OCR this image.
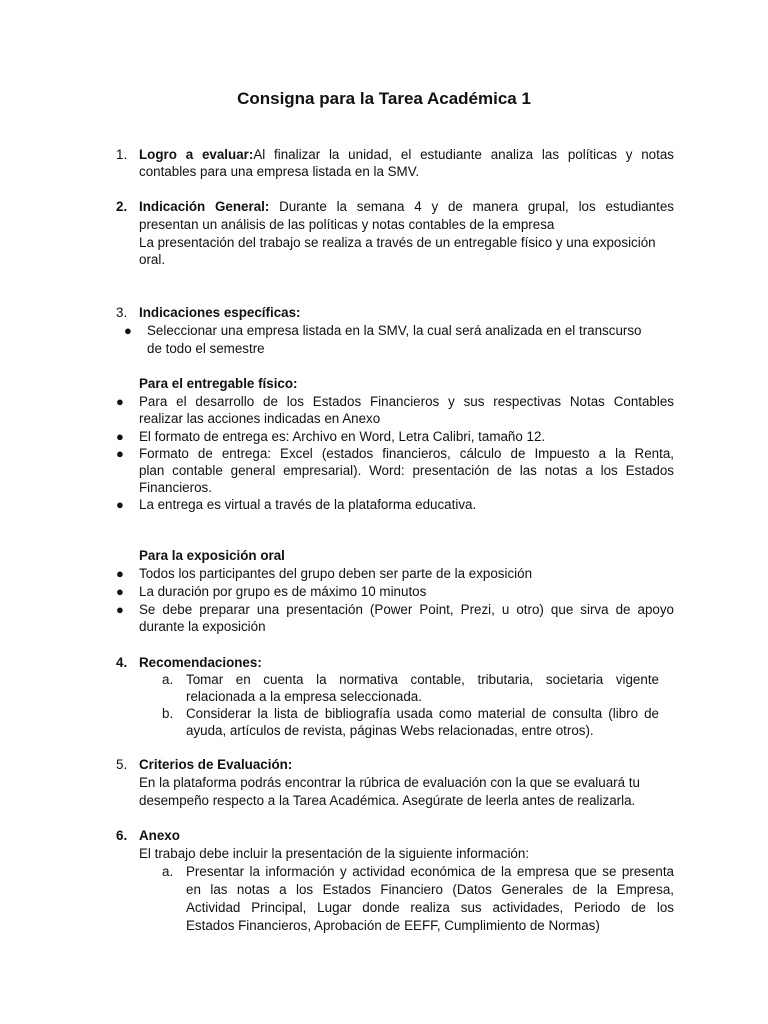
Consigna para la Tarea Académica 1
1. Logro a evaluar:Al finalizar la unidad, el estudiante analiza las políticas y notas
contables para una empresa listada en la SMV.
2. Indicación General: Durante la semana 4 y de manera grupal, los estudiantes
presentan un análisis de las políticas y notas contables de la empresa
La presentación del trabajo se realiza a través de un entregable físico y una exposición
oral.
3. Indicaciones específicas:
● Seleccionar una empresa listada en la SMV, la cual será analizada en el transcurso
de todo el semestre
Para el entregable físico:
● Para el desarrollo de los Estados Financieros y sus respectivas Notas Contables
realizar las acciones indicadas en Anexo
● El formato de entrega es: Archivo en Word, Letra Calibri, tamaño 12.
● Formato de entrega: Excel (estados financieros, cálculo de Impuesto a la Renta,
plan contable general empresarial). Word: presentación de las notas a los Estados
Financieros.
● La entrega es virtual a través de la plataforma educativa.
Para la exposición oral
● Todos los participantes del grupo deben ser parte de la exposición
● La duración por grupo es de máximo 10 minutos
● Se debe preparar una presentación (Power Point, Prezi, u otro) que sirva de apoyo
durante la exposición
4. Recomendaciones:
a. Tomar en cuenta la normativa contable, tributaria, societaria vigente
relacionada a la empresa seleccionada.
b. Considerar la lista de bibliografía usada como material de consulta (libro de
ayuda, artículos de revista, páginas Webs relacionadas, entre otros).
5. Criterios de Evaluación:
En la plataforma podrás encontrar la rúbrica de evaluación con la que se evaluará tu
desempeño respecto a la Tarea Académica. Asegúrate de leerla antes de realizarla.
6. Anexo
El trabajo debe incluir la presentación de la siguiente información:
a. Presentar la información y actividad económica de la empresa que se presenta
en las notas a los Estados Financiero (Datos Generales de la Empresa,
Actividad Principal, Lugar donde realiza sus actividades, Periodo de los
Estados Financieros, Aprobación de EEFF, Cumplimiento de Normas)
